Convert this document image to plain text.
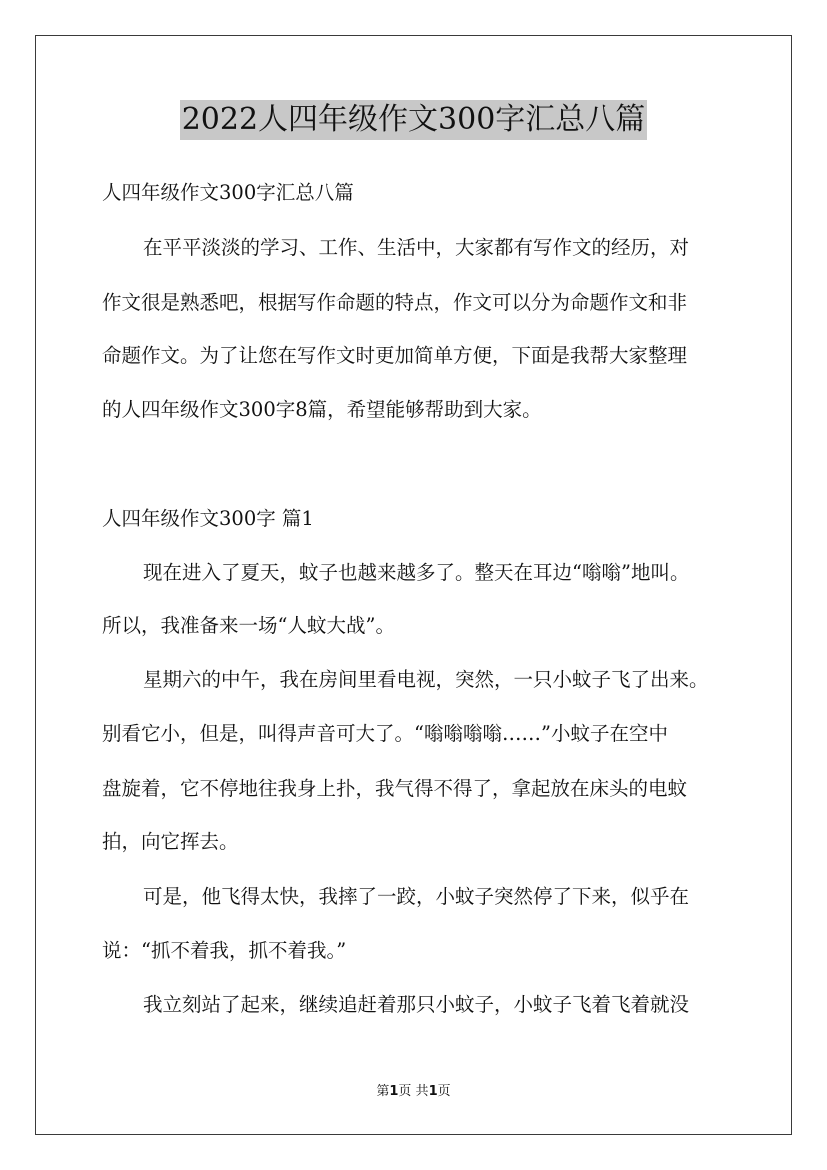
2022人四年级作文300字汇总八篇
人四年级作文300字汇总八篇
在平平淡淡的学习、工作、生活中，大家都有写作文的经历，对
作文很是熟悉吧，根据写作命题的特点，作文可以分为命题作文和非
命题作文。为了让您在写作文时更加简单方便，下面是我帮大家整理
的人四年级作文300字8篇，希望能够帮助到大家。
人四年级作文300字 篇1
现在进入了夏天，蚊子也越来越多了。整天在耳边“嗡嗡”地叫。
所以，我准备来一场“人蚊大战”。
星期六的中午，我在房间里看电视，突然，一只小蚊子飞了出来。
别看它小，但是，叫得声音可大了。“嗡嗡嗡嗡……”小蚊子在空中
盘旋着，它不停地往我身上扑，我气得不得了，拿起放在床头的电蚊
拍，向它挥去。
可是，他飞得太快，我摔了一跤，小蚊子突然停了下来，似乎在
说：“抓不着我，抓不着我。”
我立刻站了起来，继续追赶着那只小蚊子，小蚊子飞着飞着就没
第1页 共1页
